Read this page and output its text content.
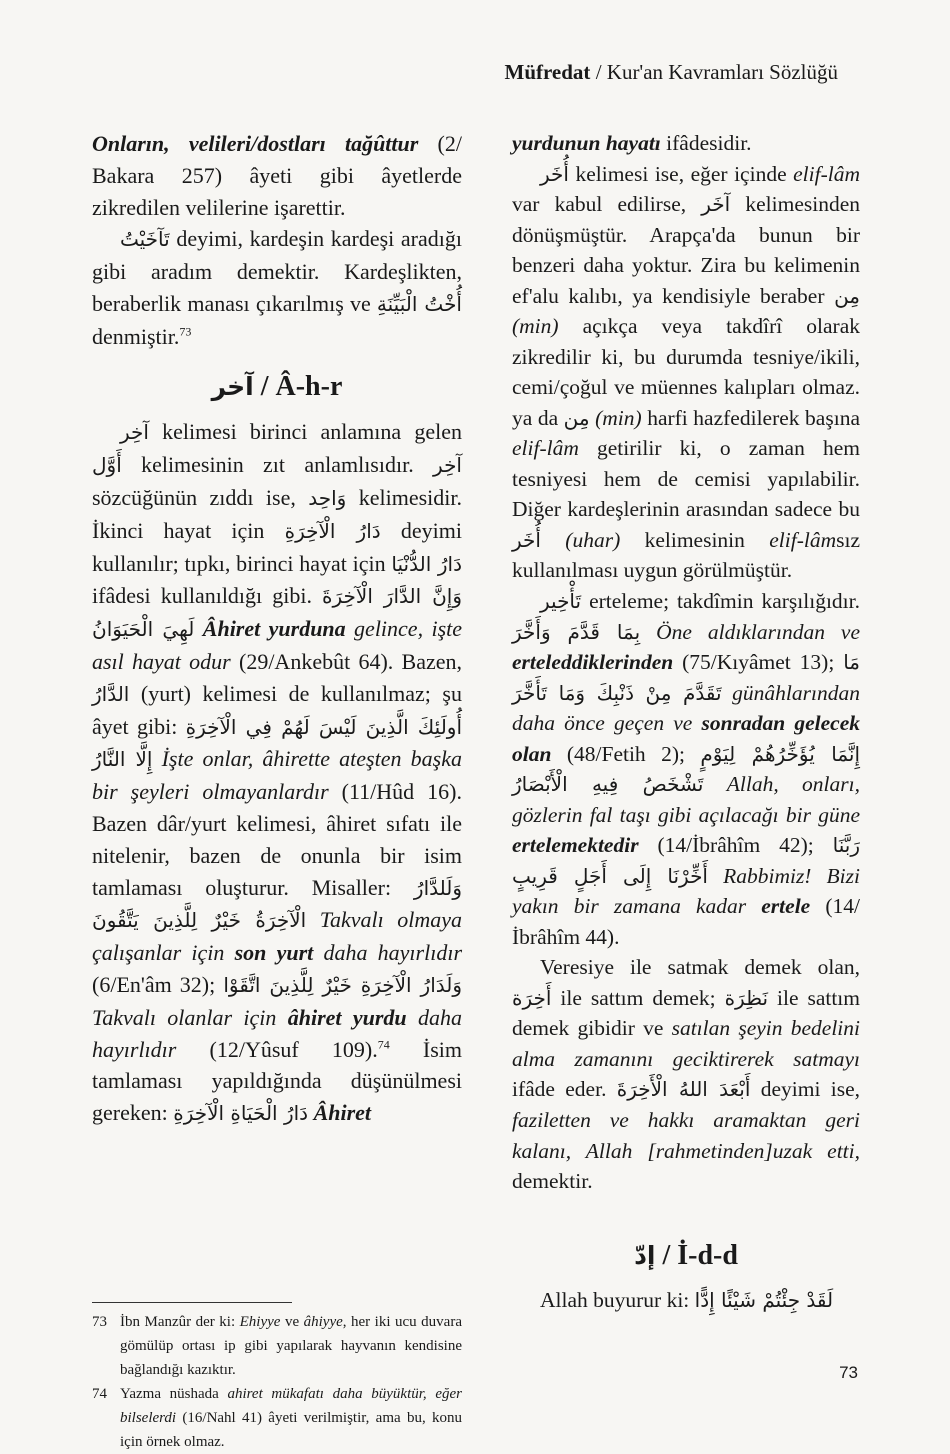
Müfredat / Kur'an Kavramları Sözlüğü

Onların, velileri/dostları tağûttur (2/ Bakara 257) âyeti gibi âyetlerde zikredilen velilerine işarettir.

تَآخَيْتُ deyimi, kardeşin kardeşi aradığı gibi aradım demektir. Kardeşlikten, beraberlik manası çıkarılmış ve أُخْتُ الْبَيِّنَةِ denmiştir.$^{73}$

آخر / Â-h-r

آخِر kelimesi birinci anlamına gelen أَوَّل kelimesinin zıt anlamlısıdır. آخِر sözcüğünün zıddı ise, وَاحِد kelimesidir. İkinci hayat için دَارُ الْآخِرَةِ deyimi kullanılır; tıpkı, birinci hayat için دَارُ الدُّنْيَا ifâdesi kullanıldığı gibi. وَإِنَّ الدَّارَ الْآخِرَةَ لَهِيَ الْحَيَوَانُ Âhiret yurduna gelince, işte asıl hayat odur (29/Ankebût 64). Bazen, الدَّارُ (yurt) kelimesi de kullanılmaz; şu âyet gibi: أُولَئِكَ الَّذِينَ لَيْسَ لَهُمْ فِي الْآخِرَةِ إِلَّا النَّارُ İşte onlar, âhirette ateşten başka bir şeyleri olmayanlardır (11/Hûd 16). Bazen dâr/yurt kelimesi, âhiret sıfatı ile nitelenir, bazen de onunla bir isim tamlaması oluşturur. Misaller: وَلَلدَّارُ الْآخِرَةُ خَيْرٌ لِلَّذِينَ يَتَّقُونَ Takvalı olmaya çalışanlar için son yurt daha hayırlıdır (6/En'âm 32); وَلَدَارُ الْآخِرَةِ خَيْرٌ لِلَّذِينَ اتَّقَوْا Takvalı olanlar için âhiret yurdu daha hayırlıdır (12/Yûsuf 109).$^{74}$ İsim tamlaması yapıldığında düşünülmesi gereken: دَارُ الْحَيَاةِ الْآخِرَةِ Âhiret

yurdunun hayatı ifâdesidir.

أُخَر kelimesi ise, eğer içinde elif-lâm var kabul edilirse, آخَر kelimesinden dönüşmüştür. Arapça'da bunun bir benzeri daha yoktur. Zira bu kelimenin ef'alu kalıbı, ya kendisiyle beraber مِن (min) açıkça veya takdîrî olarak zikredilir ki, bu durumda tesniye/ikili, cemi/çoğul ve müennes kalıpları olmaz. ya da مِن (min) harfi hazfedilerek başına elif-lâm getirilir ki, o zaman hem tesniyesi hem de cemisi yapılabilir. Diğer kardeşlerinin arasından sadece bu أُخَر (uhar) kelimesinin elif-lâmsız kullanılması uygun görülmüştür.

تَأْخِير erteleme; takdîmin karşılığıdır. بِمَا قَدَّمَ وَأَخَّرَ Öne aldıklarından ve erteleddiklerinden (75/Kıyâmet 13); مَا تَقَدَّمَ مِنْ ذَنْبِكَ وَمَا تَأَخَّرَ günâhlarından daha önce geçen ve sonradan gelecek olan (48/Fetih 2); إِنَّمَا يُؤَخِّرُهُمْ لِيَوْمٍ تَشْخَصُ فِيهِ الْأَبْصَارُ Allah, onları, gözlerin fal taşı gibi açılacağı bir güne ertelemektedir (14/İbrâhîm 42); رَبَّنَا أَخِّرْنَا إِلَى أَجَلٍ قَرِيبٍ Rabbimiz! Bizi yakın bir zamana kadar ertele (14/İbrâhîm 44).

Veresiye ile satmak demek olan, أَخِرَة ile sattım demek; نَظِرَة ile sattım demek gibidir ve satılan şeyin bedelini alma zamanını geciktirerek satmayı ifâde eder. أَبْعَدَ اللهُ الْأَخِرَةَ deyimi ise, faziletten ve hakkı aramaktan geri kalanı, Allah [rahmetinden]uzak etti, demektir.

إدّ / İ-d-d

Allah buyurur ki: لَقَدْ جِئْتُمْ شَيْئًا إِدًّا

73 İbn Manzûr der ki: Ehiyye ve âhiyye, her iki ucu duvara gömülüp ortası ip gibi yapılarak hayvanın kendisine bağlandığı kazıktır.

74 Yazma nüshada ahiret mükafatı daha büyüktür, eğer bilselerdi (16/Nahl 41) âyeti verilmiştir, ama bu, konu için örnek olmaz.

73
